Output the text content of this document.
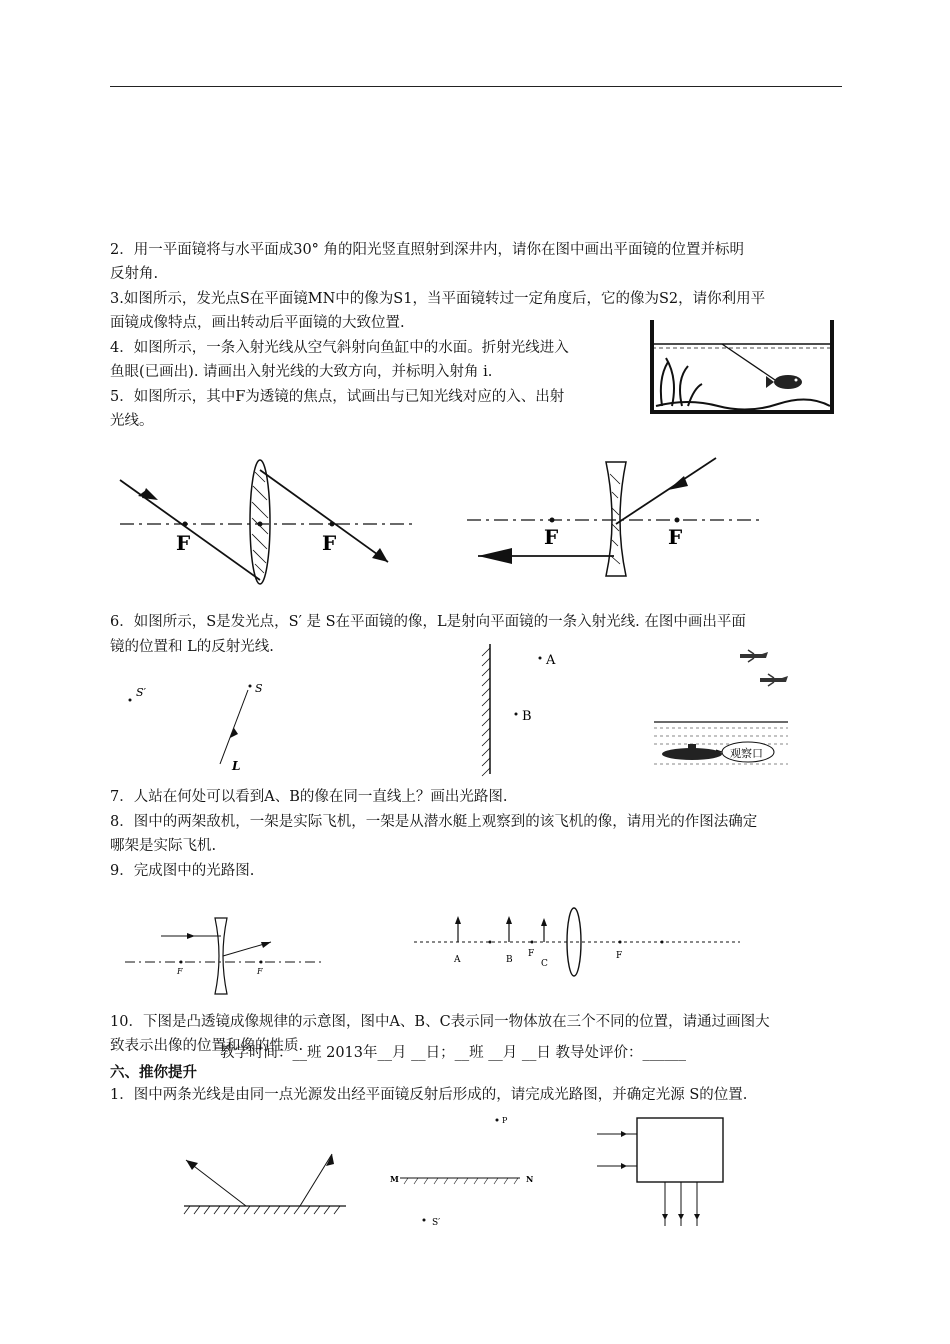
2．用一平面镜将与水平面成30° 角的阳光竖直照射到深井内，请你在图中画出平面镜的位置并标明
反射角.
3.如图所示，发光点S在平面镜MN中的像为S1，当平面镜转过一定角度后，它的像为S2，请你利用平
面镜成像特点，画出转动后平面镜的大致位置.
4．如图所示，一条入射光线从空气斜射向鱼缸中的水面。折射光线进入
鱼眼(已画出). 请画出入射光线的大致方向，并标明入射角 i.
5．如图所示，其中F为透镜的焦点，试画出与已知光线对应的入、出射
光线。
F	F	F	F
6．如图所示，S是发光点，S′ 是 S在平面镜的像，L是射向平面镜的一条入射光线. 在图中画出平面
镜的位置和 L的反射光线.
S′	S
L
A
B
观察口
7．人站在何处可以看到A、B的像在同一直线上？画出光路图.
8．图中的两架敌机，一架是实际飞机，一架是从潜水艇上观察到的该飞机的像，请用光的作图法确定
哪架是实际飞机.
9．完成图中的光路图.
F	F
A	B
F
C
F
10．下图是凸透镜成像规律的示意图，图中A、B、C表示同一物体放在三个不同的位置，请通过画图大
致表示出像的位置和像的性质.
教学时间：__班 2013年__月 __日；__班 __月 __日 教导处评价：______
六、推你提升
1．图中两条光线是由同一点光源发出经平面镜反射后形成的，请完成光路图，并确定光源 S的位置.
P
M	N
S′
